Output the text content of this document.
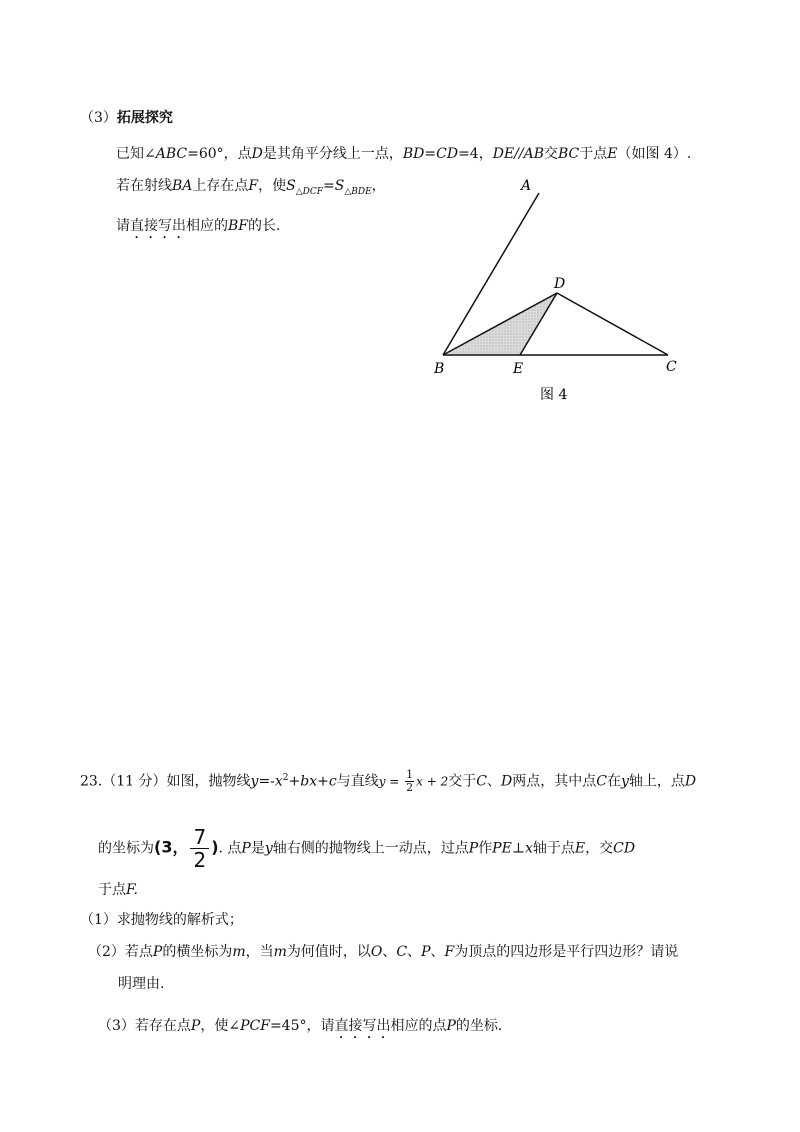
（3）拓展探究
已知∠ABC=60°，点D是其角平分线上一点，BD=CD=4，DE//AB交BC于点E（如图 4）.
若在射线BA上存在点F，使$S_{\triangle DCF}=S_{\triangle BDE}$，
请直接写出相应的BF的长.
A
B	E	C
D
图 4
23.（11 分）如图，抛物线$y=-x^2+bx+c$与直线$y = \frac{1}{2}$ x + 2交于C、D两点，其中点C在y轴上，点D
的坐标为(3， $\frac{7}{2}$ ). 点P是y轴右侧的抛物线上一动点，过点P作PE⊥x轴于点E，交CD
于点F.
（1）求抛物线的解析式；
（2）若点P的横坐标为m，当m为何值时，以O、C、P、F为顶点的四边形是平行四边形？请说
明理由.
（3）若存在点P，使∠PCF=45°，请直接写出相应的点P的坐标.
